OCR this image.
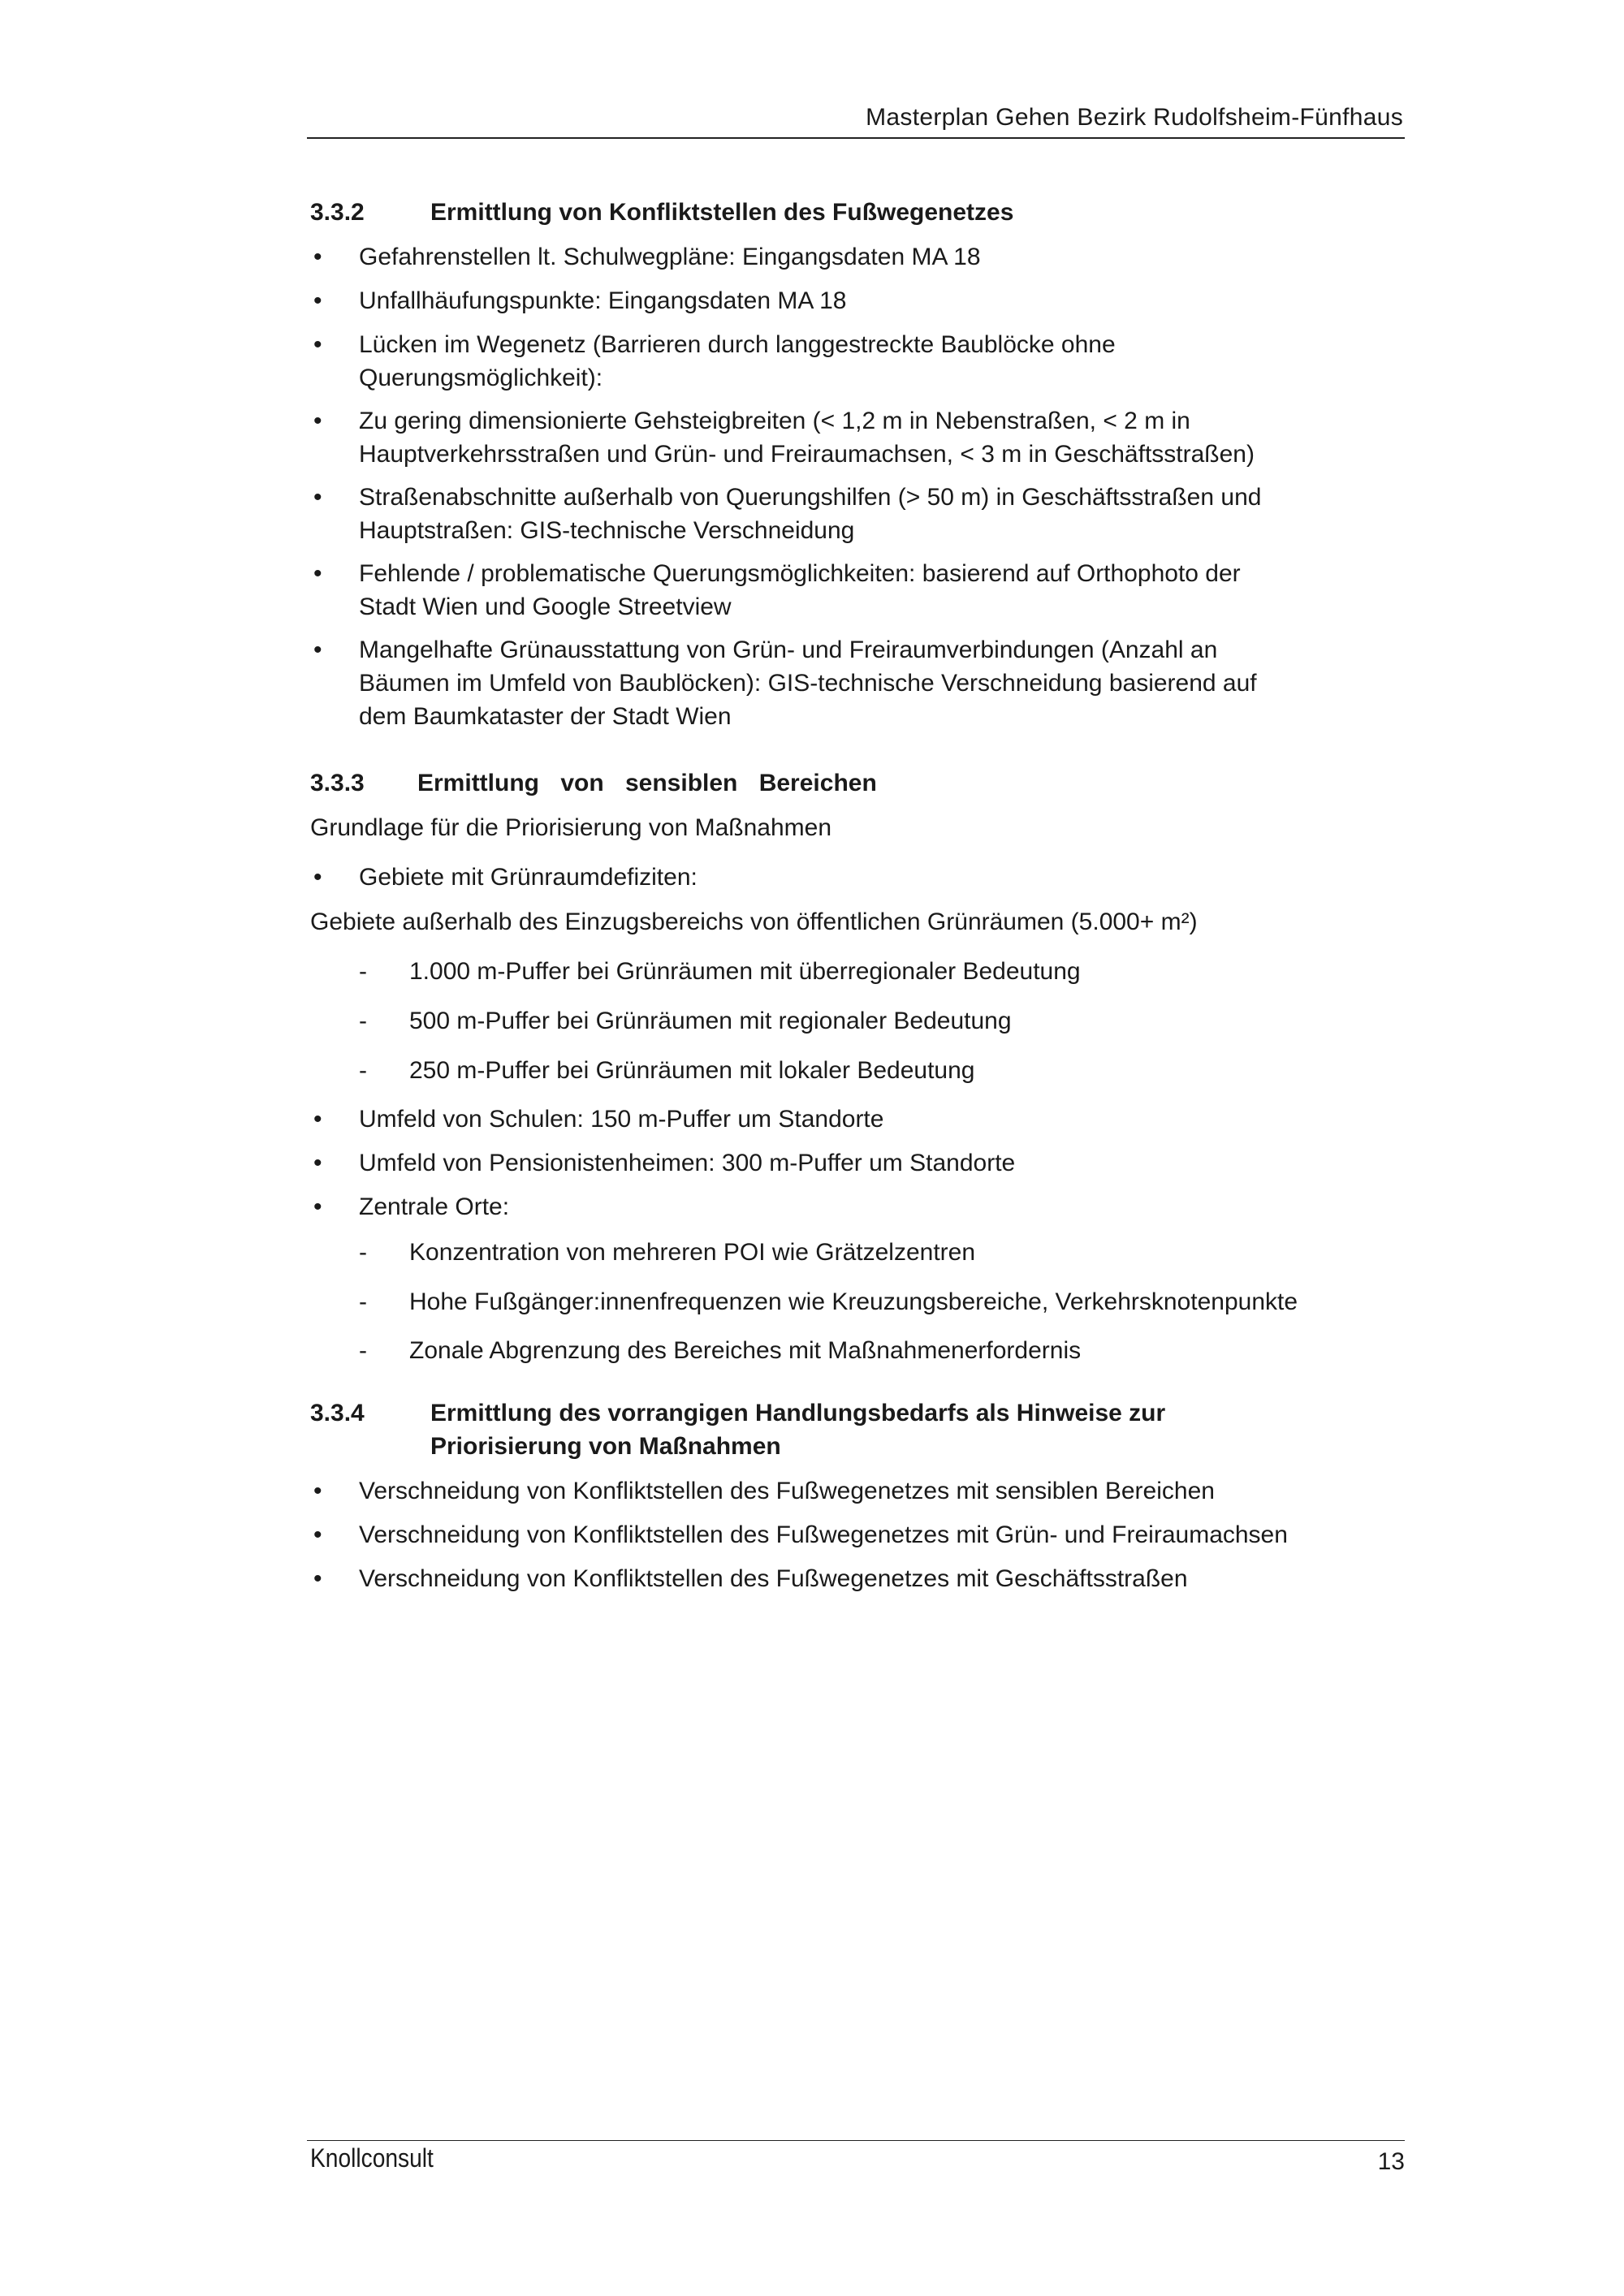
Masterplan Gehen Bezirk Rudolfsheim-Fünfhaus
3.3.2	Ermittlung von Konfliktstellen des Fußwegenetzes
• Gefahrenstellen lt. Schulwegpläne: Eingangsdaten MA 18
• Unfallhäufungspunkte: Eingangsdaten MA 18
• Lücken im Wegenetz (Barrieren durch langgestreckte Baublöcke ohne
Querungsmöglichkeit):
• Zu gering dimensionierte Gehsteigbreiten (< 1,2 m in Nebenstraßen, < 2 m in
Hauptverkehrsstraßen und Grün- und Freiraumachsen, < 3 m in Geschäftsstraßen)
• Straßenabschnitte außerhalb von Querungshilfen (> 50 m) in Geschäftsstraßen und
Hauptstraßen: GIS-technische Verschneidung
• Fehlende / problematische Querungsmöglichkeiten: basierend auf Orthophoto der
Stadt Wien und Google Streetview
• Mangelhafte Grünausstattung von Grün- und Freiraumverbindungen (Anzahl an
Bäumen im Umfeld von Baublöcken): GIS-technische Verschneidung basierend auf
dem Baumkataster der Stadt Wien
3.3.3 Ermittlung von sensiblen Bereichen
Grundlage für die Priorisierung von Maßnahmen
• Gebiete mit Grünraumdefiziten:
Gebiete außerhalb des Einzugsbereichs von öffentlichen Grünräumen (5.000+ m²)
- 1.000 m-Puffer bei Grünräumen mit überregionaler Bedeutung
- 500 m-Puffer bei Grünräumen mit regionaler Bedeutung
- 250 m-Puffer bei Grünräumen mit lokaler Bedeutung
• Umfeld von Schulen: 150 m-Puffer um Standorte
• Umfeld von Pensionistenheimen: 300 m-Puffer um Standorte
• Zentrale Orte:
- Konzentration von mehreren POI wie Grätzelzentren
- Hohe Fußgänger:innenfrequenzen wie Kreuzungsbereiche, Verkehrsknotenpunkte
- Zonale Abgrenzung des Bereiches mit Maßnahmenerfordernis
3.3.4	Ermittlung des vorrangigen Handlungsbedarfs als Hinweise zur
Priorisierung von Maßnahmen
• Verschneidung von Konfliktstellen des Fußwegenetzes mit sensiblen Bereichen
• Verschneidung von Konfliktstellen des Fußwegenetzes mit Grün- und Freiraumachsen
• Verschneidung von Konfliktstellen des Fußwegenetzes mit Geschäftsstraßen
Knollconsult	13
